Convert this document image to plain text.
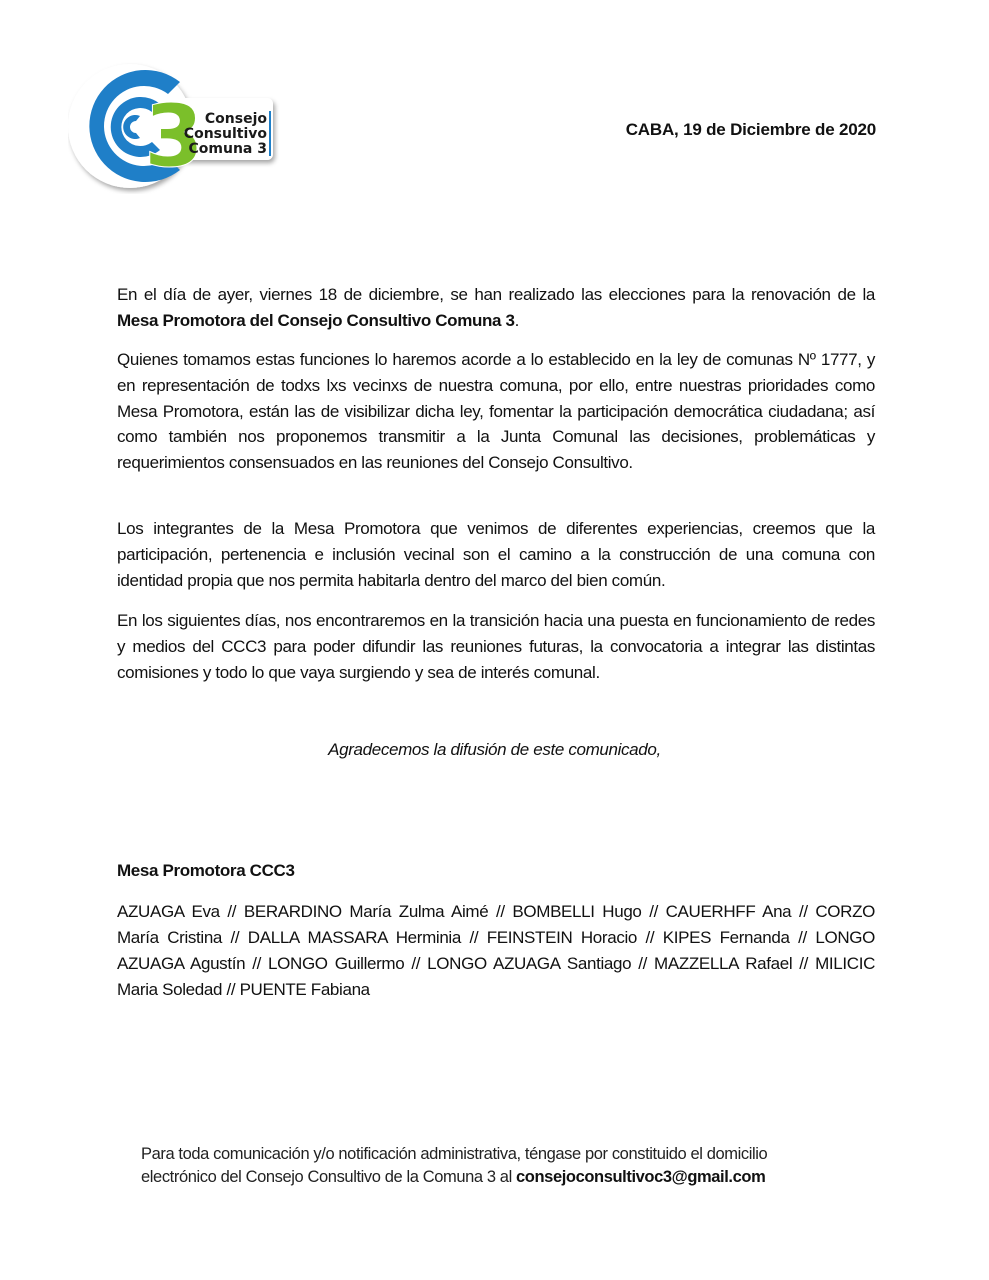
3 Consejo
Consultivo
Comuna 3
CABA, 19 de Diciembre de 2020
En el día de ayer, viernes 18 de diciembre, se han realizado las elecciones para la renovación de la Mesa Promotora del Consejo Consultivo Comuna 3.
Quienes tomamos estas funciones lo haremos acorde a lo establecido en la ley de comunas Nº 1777, y en representación de todxs lxs vecinxs de nuestra comuna, por ello, entre nuestras prioridades como Mesa Promotora, están las de visibilizar dicha ley, fomentar la participación democrática ciudadana; así como también nos proponemos transmitir a la Junta Comunal las decisiones, problemáticas y requerimientos consensuados en las reuniones del Consejo Consultivo.
Los integrantes de la Mesa Promotora que venimos de diferentes experiencias, creemos que la participación, pertenencia e inclusión vecinal son el camino a la construcción de una comuna con identidad propia que nos permita habitarla dentro del marco del bien común.
En los siguientes días, nos encontraremos en la transición hacia una puesta en funcionamiento de redes y medios del CCC3 para poder difundir las reuniones futuras, la convocatoria a integrar las distintas comisiones y todo lo que vaya surgiendo y sea de interés comunal.
Agradecemos la difusión de este comunicado,
Mesa Promotora CCC3
AZUAGA Eva // BERARDINO María Zulma Aimé // BOMBELLI Hugo // CAUERHFF Ana // CORZO María Cristina // DALLA MASSARA Herminia // FEINSTEIN Horacio // KIPES Fernanda // LONGO AZUAGA Agustín // LONGO Guillermo // LONGO AZUAGA Santiago // MAZZELLA Rafael // MILICIC Maria Soledad // PUENTE Fabiana
Para toda comunicación y/o notificación administrativa, téngase por constituido el domicilio electrónico del Consejo Consultivo de la Comuna 3 al consejoconsultivoc3@gmail.com
